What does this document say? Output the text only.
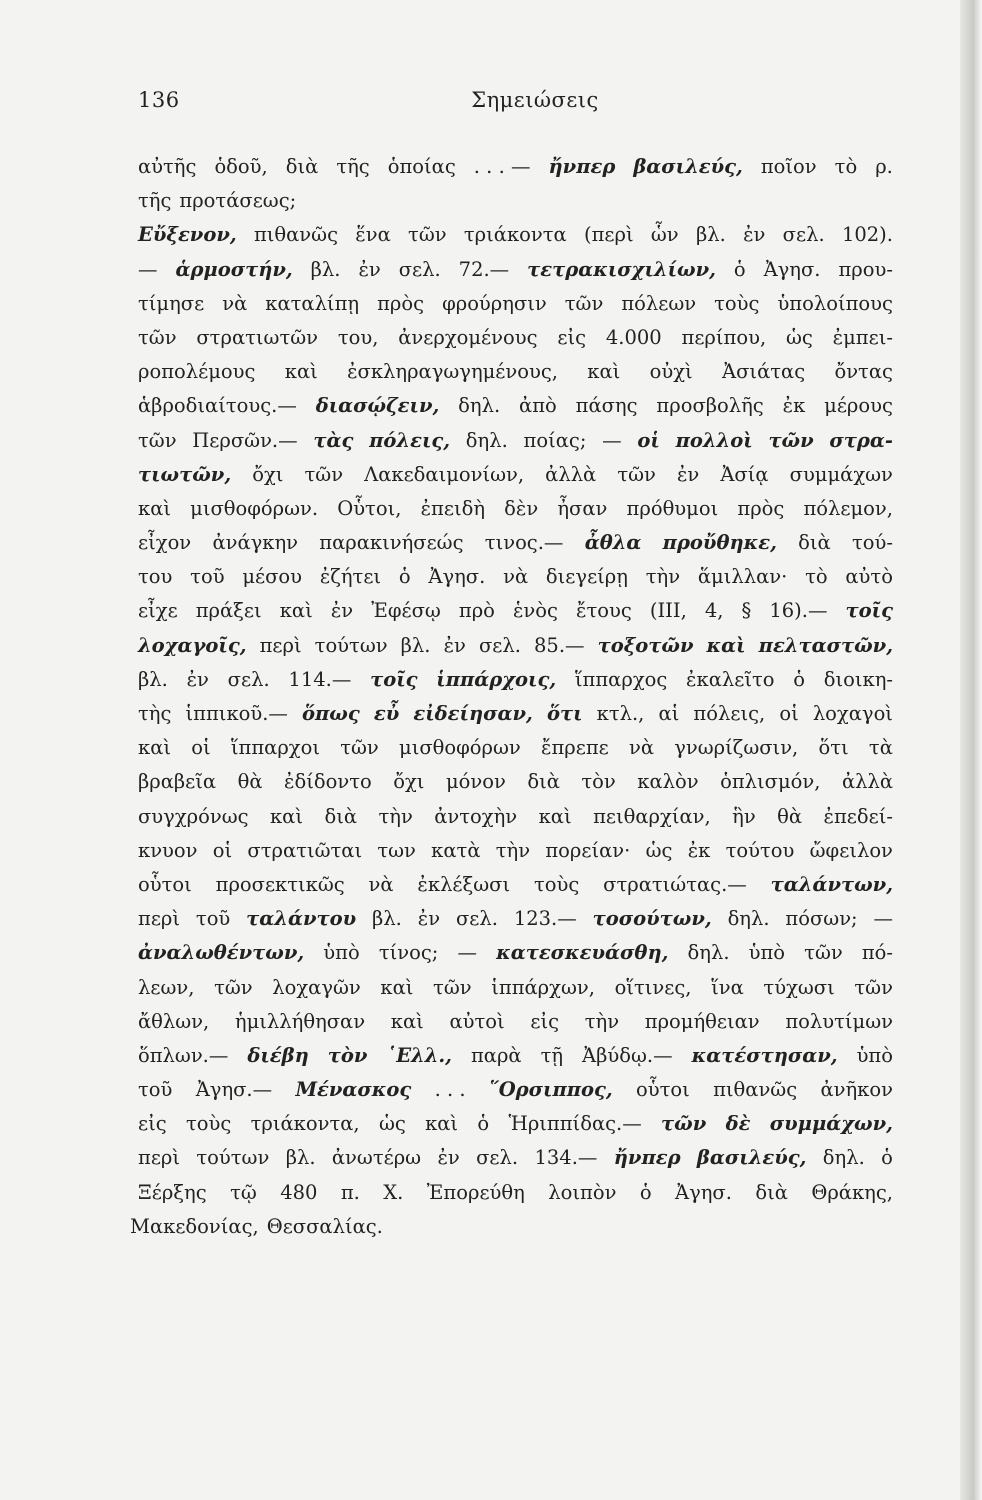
136	Σημειώσεις
αὐτῆς ὁδοῦ, διὰ τῆς ὁποίας . . . — ἤνπερ βασιλεύς, ποῖον τὸ ρ.
τῆς προτάσεως;
Εὔξενον, πιθανῶς ἕνα τῶν τριάκοντα (περὶ ὧν βλ. ἐν σελ. 102).
— ἁρμοστήν, βλ. ἐν σελ. 72.— τετρακισχιλίων, ὁ Ἀγησ. πρου-
τίμησε νὰ καταλίπῃ πρὸς φρούρησιν τῶν πόλεων τοὺς ὑπολοίπους
τῶν στρατιωτῶν του, ἀνερχομένους εἰς 4.000 περίπου, ὡς ἐμπει-
ροπολέμους καὶ ἐσκληραγωγημένους, καὶ οὐχὶ Ἀσιάτας ὄντας
ἁβροδιαίτους.— διασῴζειν, δηλ. ἀπὸ πάσης προσβολῆς ἐκ μέρους
τῶν Περσῶν.— τὰς πόλεις, δηλ. ποίας; — οἱ πολλοὶ τῶν στρα-
τιωτῶν, ὄχι τῶν Λακεδαιμονίων, ἀλλὰ τῶν ἐν Ἀσίᾳ συμμάχων
καὶ μισθοφόρων. Οὗτοι, ἐπειδὴ δὲν ἦσαν πρόθυμοι πρὸς πόλεμον,
εἶχον ἀνάγκην παρακινήσεώς τινος.— ἆθλα προὔθηκε, διὰ τού-
του τοῦ μέσου ἐζήτει ὁ Ἀγησ. νὰ διεγείρῃ τὴν ἅμιλλαν· τὸ αὐτὸ
εἶχε πράξει καὶ ἐν Ἐφέσῳ πρὸ ἑνὸς ἔτους (III, 4, § 16).— τοῖς
λοχαγοῖς, περὶ τούτων βλ. ἐν σελ. 85.— τοξοτῶν καὶ πελταστῶν,
βλ. ἐν σελ. 114.— τοῖς ἱππάρχοις, ἵππαρχος ἐκαλεῖτο ὁ διοικη-
τὴς ἱππικοῦ.— ὅπως εὖ εἰδείησαν, ὅτι κτλ., αἱ πόλεις, οἱ λοχαγοὶ
καὶ οἱ ἵππαρχοι τῶν μισθοφόρων ἔπρεπε νὰ γνωρίζωσιν, ὅτι τὰ
βραβεῖα θὰ ἐδίδοντο ὄχι μόνον διὰ τὸν καλὸν ὁπλισμόν, ἀλλὰ
συγχρόνως καὶ διὰ τὴν ἀντοχὴν καὶ πειθαρχίαν, ἣν θὰ ἐπεδεί-
κνυον οἱ στρατιῶται των κατὰ τὴν πορείαν· ὡς ἐκ τούτου ὤφειλον
οὗτοι προσεκτικῶς νὰ ἐκλέξωσι τοὺς στρατιώτας.— ταλάντων,
περὶ τοῦ ταλάντου βλ. ἐν σελ. 123.— τοσούτων, δηλ. πόσων; —
ἀναλωθέντων, ὑπὸ τίνος; — κατεσκευάσθη, δηλ. ὑπὸ τῶν πό-
λεων, τῶν λοχαγῶν καὶ τῶν ἱππάρχων, οἵτινες, ἵνα τύχωσι τῶν
ἄθλων, ἡμιλλήθησαν καὶ αὐτοὶ εἰς τὴν προμήθειαν πολυτίμων
ὅπλων.— διέβη τὸν ῾Ελλ., παρὰ τῇ Ἀβύδῳ.— κατέστησαν, ὑπὸ
τοῦ Ἀγησ.— Μένασκος . . . ῞Ορσιππος, οὗτοι πιθανῶς ἀνῆκον
εἰς τοὺς τριάκοντα, ὡς καὶ ὁ Ἡριππίδας.— τῶν δὲ συμμάχων,
περὶ τούτων βλ. ἀνωτέρω ἐν σελ. 134.— ἤνπερ βασιλεύς, δηλ. ὁ
Ξέρξης τῷ 480 π. Χ. Ἐπορεύθη λοιπὸν ὁ Ἀγησ. διὰ Θράκης,
Μακεδονίας, Θεσσαλίας.
